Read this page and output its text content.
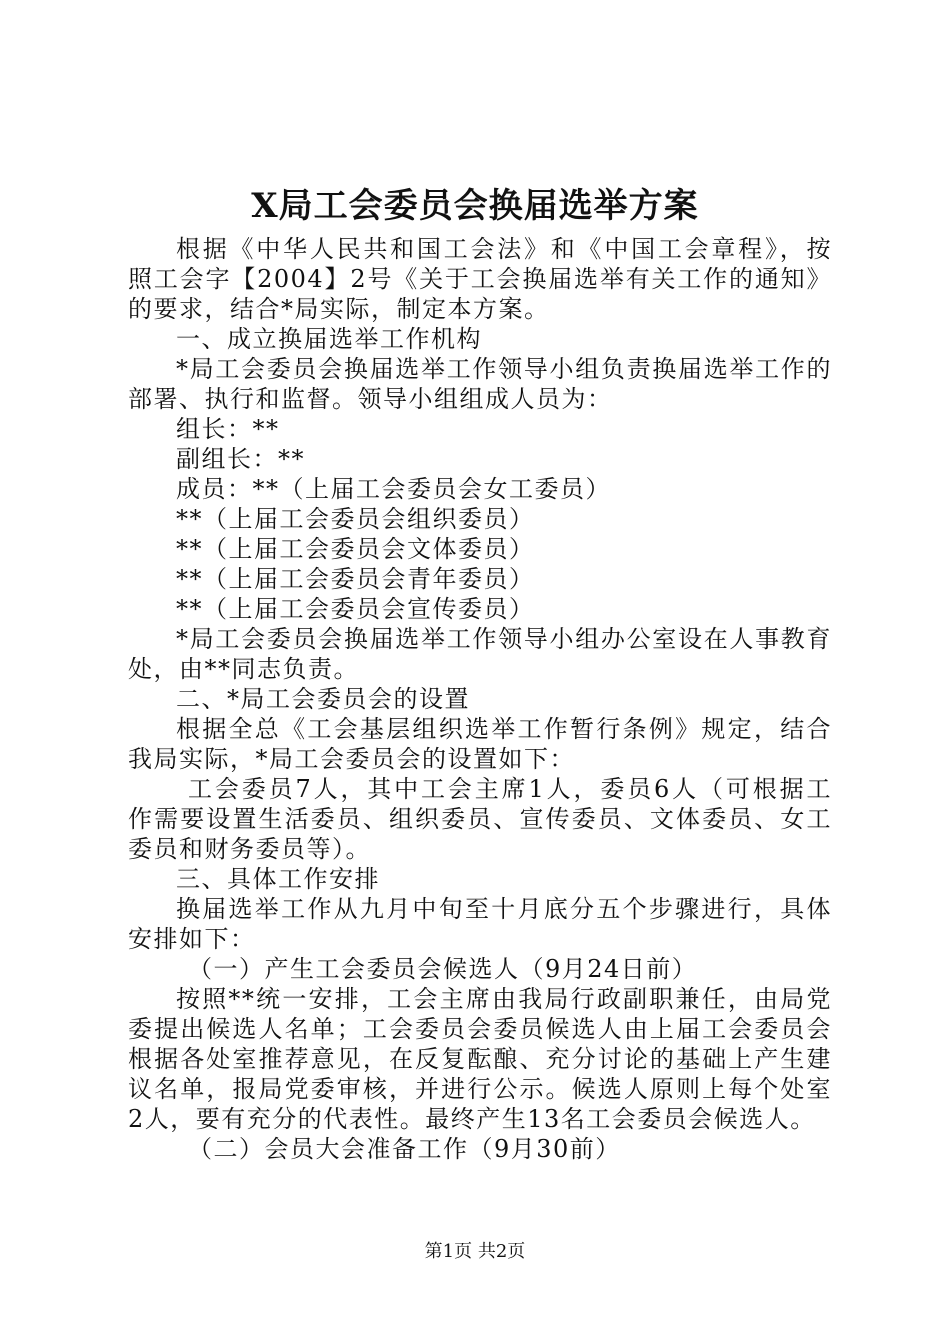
X局工会委员会换届选举方案
根据《中华人民共和国工会法》和《中国工会章程》，按
照工会字【2004】2号《关于工会换届选举有关工作的通知》
的要求，结合*局实际，制定本方案。
一、成立换届选举工作机构
*局工会委员会换届选举工作领导小组负责换届选举工作的
部署、执行和监督。领导小组组成人员为：
组长：**
副组长：**
成员：**（上届工会委员会女工委员）
**（上届工会委员会组织委员）
**（上届工会委员会文体委员）
**（上届工会委员会青年委员）
**（上届工会委员会宣传委员）
*局工会委员会换届选举工作领导小组办公室设在人事教育
处，由**同志负责。
二、*局工会委员会的设置
根据全总《工会基层组织选举工作暂行条例》规定，结合
我局实际，*局工会委员会的设置如下：
工会委员7人，其中工会主席1人，委员6人（可根据工
作需要设置生活委员、组织委员、宣传委员、文体委员、女工
委员和财务委员等）。
三、具体工作安排
换届选举工作从九月中旬至十月底分五个步骤进行，具体
安排如下：
（一）产生工会委员会候选人（9月24日前）
按照**统一安排，工会主席由我局行政副职兼任，由局党
委提出候选人名单；工会委员会委员候选人由上届工会委员会
根据各处室推荐意见，在反复酝酿、充分讨论的基础上产生建
议名单，报局党委审核，并进行公示。候选人原则上每个处室
2人，要有充分的代表性。最终产生13名工会委员会候选人。
（二）会员大会准备工作（9月30前）
第1页 共2页
